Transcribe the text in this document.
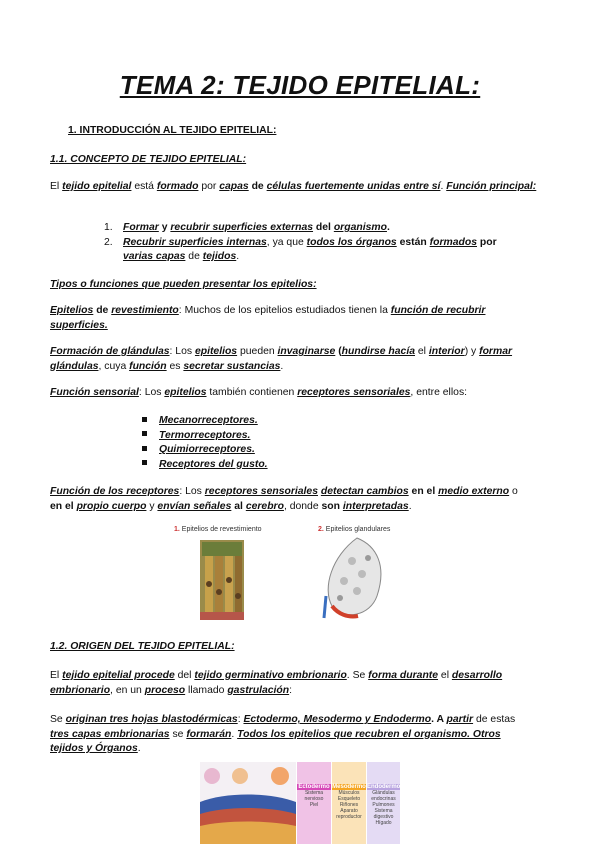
TEMA 2: TEJIDO EPITELIAL:
1. INTRODUCCIÓN AL TEJIDO EPITELIAL:
1.1. CONCEPTO DE TEJIDO EPITELIAL:
El tejido epitelial está formado por capas de células fuertemente unidas entre sí. Función principal:
1. Formar y recubrir superficies externas del organismo.
2. Recubrir superficies internas, ya que todos los órganos están formados por
varias capas de tejidos.
Tipos o funciones que pueden presentar los epitelios:
Epitelios de revestimiento: Muchos de los epitelios estudiados tienen la función de recubrir
superficies.
Formación de glándulas: Los epitelios pueden invaginarse (hundirse hacía el interior) y formar
glándulas, cuya función es secretar sustancias.
Función sensorial: Los epitelios también contienen receptores sensoriales, entre ellos:
Mecanorreceptores.
Termorreceptores.
Quimiorreceptores.
Receptores del gusto.
Función de los receptores: Los receptores sensoriales detectan cambios en el medio externo o
en el propio cuerpo y envían señales al cerebro, donde son interpretadas.
1. Epitelios de revestimiento	2. Epitelios glandulares
1.2. ORIGEN DEL TEJIDO EPITELIAL:
El tejido epitelial procede del tejido germinativo embrionario. Se forma durante el desarrollo
embrionario, en un proceso llamado gastrulación:
Se originan tres hojas blastodérmicas: Ectodermo, Mesodermo y Endodermo. A partir de estas
tres capas embrionarias se formarán. Todos los epitelios que recubren el organismo. Otros
tejidos y Órganos.
Ectodermo
Sistema
nervioso
Piel
Mesodermo
Músculos
Esqueleto
Riñones
Aparato
reproductor
Endodermo
Glándulas
endocrinas
Pulmones
Sistema
digestivo
Hígado
